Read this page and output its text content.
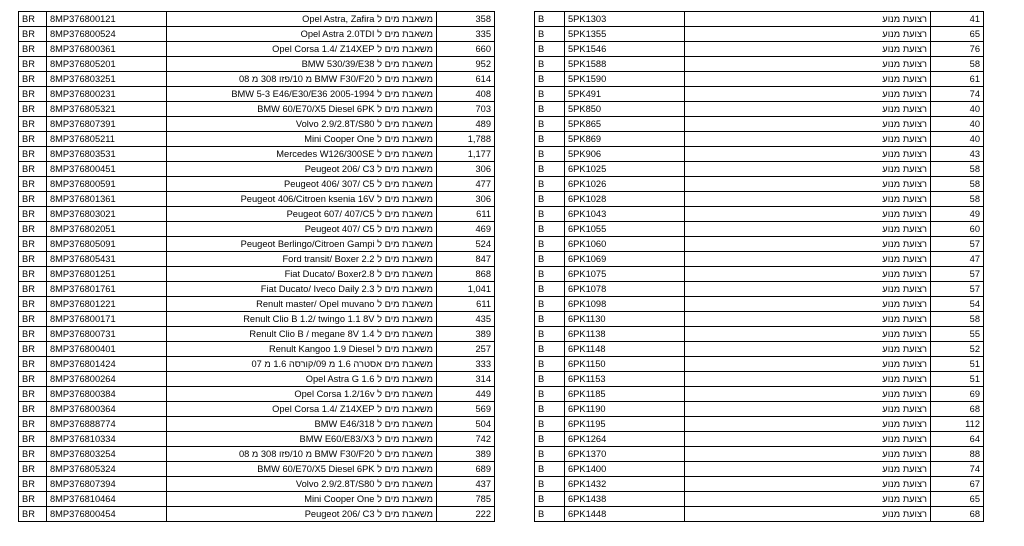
BR	8MP376800121	משאבת מים ל Opel Astra, Zafira	358
BR	8MP376800524	משאבת מים ל Opel Astra 2.0TDI	335
BR	8MP376800361	משאבת מים ל Opel Corsa 1.4/ Z14XEP	660
BR	8MP376805201	משאבת מים ל BMW 530/39/E38	952
BR	8MP376803251	משאבת מים ל BMW F30/F20 מ 10/פזו 308 מ 08	614
BR	8MP376800231	משאבת מים ל BMW 5-3 E46/E30/E36 2005-1994	408
BR	8MP376805321	משאבת מים ל BMW 60/E70/X5 Diesel 6PK	703
BR	8MP376807391	משאבת מים ל Volvo 2.9/2.8T/S80	489
BR	8MP376805211	משאבת מים ל Mini Cooper One	1,788
BR	8MP376803531	משאבת מים ל Mercedes W126/300SE	1,177
BR	8MP376800451	משאבת מים ל Peugeot 206/ C3	306
BR	8MP376800591	משאבת מים ל Peugeot 406/ 307/ C5	477
BR	8MP376801361	משאבת מים ל Peugeot 406/Citroen ksenia 16V	306
BR	8MP376803021	משאבת מים ל Peugeot 607/ 407/C5	611
BR	8MP376802051	משאבת מים ל Peugeot 407/ C5	469
BR	8MP376805091	משאבת מים ל Peugeot Berlingo/Citroen Gampi	524
BR	8MP376805431	משאבת מים ל Ford transit/ Boxer 2.2	847
BR	8MP376801251	משאבת מים ל Fiat Ducato/ Boxer2.8	868
BR	8MP376801761	משאבת מים ל Fiat Ducato/ Iveco Daily 2.3	1,041
BR	8MP376801221	משאבת מים ל Renult master/ Opel muvano	611
BR	8MP376800171	משאבת מים ל Renult Clio B 1.2/ twingo 1.1 8V	435
BR	8MP376800731	משאבת מים ל Renult Clio B / megane 8V 1.4	389
BR	8MP376800401	משאבת מים ל Renult Kangoo 1.9 Diesel	257
BR	8MP376801424	משאבת מים אסטרה 1.6 מ 09/קורסה 1.6 מ 07	333
BR	8MP376800264	משאבת מים ל Opel Astra G 1.6	314
BR	8MP376800384	משאבת מים ל Opel Corsa 1.2/16v	449
BR	8MP376800364	משאבת מים ל Opel Corsa 1.4/ Z14XEP	569
BR	8MP376888774	משאבת מים ל BMW E46/318	504
BR	8MP376810334	משאבת מים ל BMW E60/E83/X3	742
BR	8MP376803254	משאבת מים ל BMW F30/F20 מ 10/פזו 308 מ 08	389
BR	8MP376805324	משאבת מים ל BMW 60/E70/X5 Diesel 6PK	689
BR	8MP376807394	משאבת מים ל Volvo 2.9/2.8T/S80	437
BR	8MP376810464	משאבת מים ל Mini Cooper One	785
BR	8MP376800454	משאבת מים ל Peugeot 206/ C3	222
B	5PK1303	רצועת מנוע	41
B	5PK1355	רצועת מנוע	65
B	5PK1546	רצועת מנוע	76
B	5PK1588	רצועת מנוע	58
B	5PK1590	רצועת מנוע	61
B	5PK491	רצועת מנוע	74
B	5PK850	רצועת מנוע	40
B	5PK865	רצועת מנוע	40
B	5PK869	רצועת מנוע	40
B	5PK906	רצועת מנוע	43
B	6PK1025	רצועת מנוע	58
B	6PK1026	רצועת מנוע	58
B	6PK1028	רצועת מנוע	58
B	6PK1043	רצועת מנוע	49
B	6PK1055	רצועת מנוע	60
B	6PK1060	רצועת מנוע	57
B	6PK1069	רצועת מנוע	47
B	6PK1075	רצועת מנוע	57
B	6PK1078	רצועת מנוע	57
B	6PK1098	רצועת מנוע	54
B	6PK1130	רצועת מנוע	58
B	6PK1138	רצועת מנוע	55
B	6PK1148	רצועת מנוע	52
B	6PK1150	רצועת מנוע	51
B	6PK1153	רצועת מנוע	51
B	6PK1185	רצועת מנוע	69
B	6PK1190	רצועת מנוע	68
B	6PK1195	רצועת מנוע	112
B	6PK1264	רצועת מנוע	64
B	6PK1370	רצועת מנוע	88
B	6PK1400	רצועת מנוע	74
B	6PK1432	רצועת מנוע	67
B	6PK1438	רצועת מנוע	65
B	6PK1448	רצועת מנוע	68
